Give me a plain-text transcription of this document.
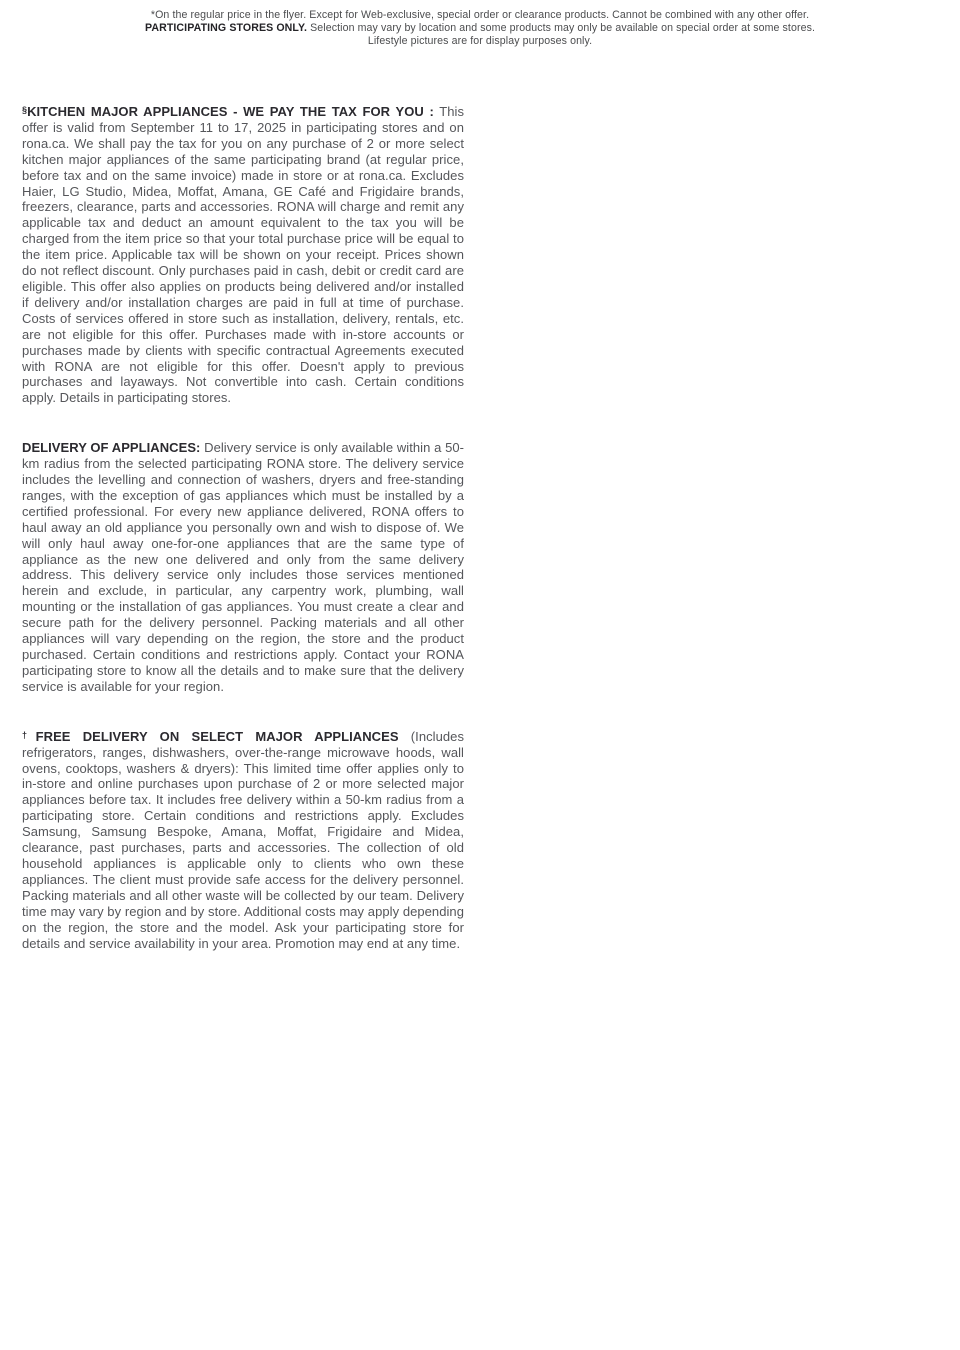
*On the regular price in the flyer. Except for Web-exclusive, special order or clearance products. Cannot be combined with any other offer.
PARTICIPATING STORES ONLY. Selection may vary by location and some products may only be available on special order at some stores.
Lifestyle pictures are for display purposes only.

§KITCHEN MAJOR APPLIANCES - WE PAY THE TAX FOR YOU : This offer is valid from September 11 to 17, 2025 in participating stores and on rona.ca. We shall pay the tax for you on any purchase of 2 or more select kitchen major appliances of the same participating brand (at regular price, before tax and on the same invoice) made in store or at rona.ca. Excludes Haier, LG Studio, Midea, Moffat, Amana, GE Café and Frigidaire brands, freezers, clearance, parts and accessories. RONA will charge and remit any applicable tax and deduct an amount equivalent to the tax you will be charged from the item price so that your total purchase price will be equal to the item price. Applicable tax will be shown on your receipt. Prices shown do not reflect discount. Only purchases paid in cash, debit or credit card are eligible. This offer also applies on products being delivered and/or installed if delivery and/or installation charges are paid in full at time of purchase. Costs of services offered in store such as installation, delivery, rentals, etc. are not eligible for this offer. Purchases made with in-store accounts or purchases made by clients with specific contractual Agreements executed with RONA are not eligible for this offer. Doesn't apply to previous purchases and layaways. Not convertible into cash. Certain conditions apply. Details in participating stores.

DELIVERY OF APPLIANCES: Delivery service is only available within a 50-km radius from the selected participating RONA store. The delivery service includes the levelling and connection of washers, dryers and free-standing ranges, with the exception of gas appliances which must be installed by a certified professional. For every new appliance delivered, RONA offers to haul away an old appliance you personally own and wish to dispose of. We will only haul away one-for-one appliances that are the same type of appliance as the new one delivered and only from the same delivery address. This delivery service only includes those services mentioned herein and exclude, in particular, any carpentry work, plumbing, wall mounting or the installation of gas appliances. You must create a clear and secure path for the delivery personnel. Packing materials and all other appliances will vary depending on the region, the store and the product purchased. Certain conditions and restrictions apply. Contact your RONA participating store to know all the details and to make sure that the delivery service is available for your region.

†FREE DELIVERY ON SELECT MAJOR APPLIANCES (Includes refrigerators, ranges, dishwashers, over-the-range microwave hoods, wall ovens, cooktops, washers & dryers): This limited time offer applies only to in-store and online purchases upon purchase of 2 or more selected major appliances before tax. It includes free delivery within a 50-km radius from a participating store. Certain conditions and restrictions apply. Excludes Samsung, Samsung Bespoke, Amana, Moffat, Frigidaire and Midea, clearance, past purchases, parts and accessories. The collection of old household appliances is applicable only to clients who own these appliances. The client must provide safe access for the delivery personnel. Packing materials and all other waste will be collected by our team. Delivery time may vary by region and by store. Additional costs may apply depending on the region, the store and the model. Ask your participating store for details and service availability in your area. Promotion may end at any time.
